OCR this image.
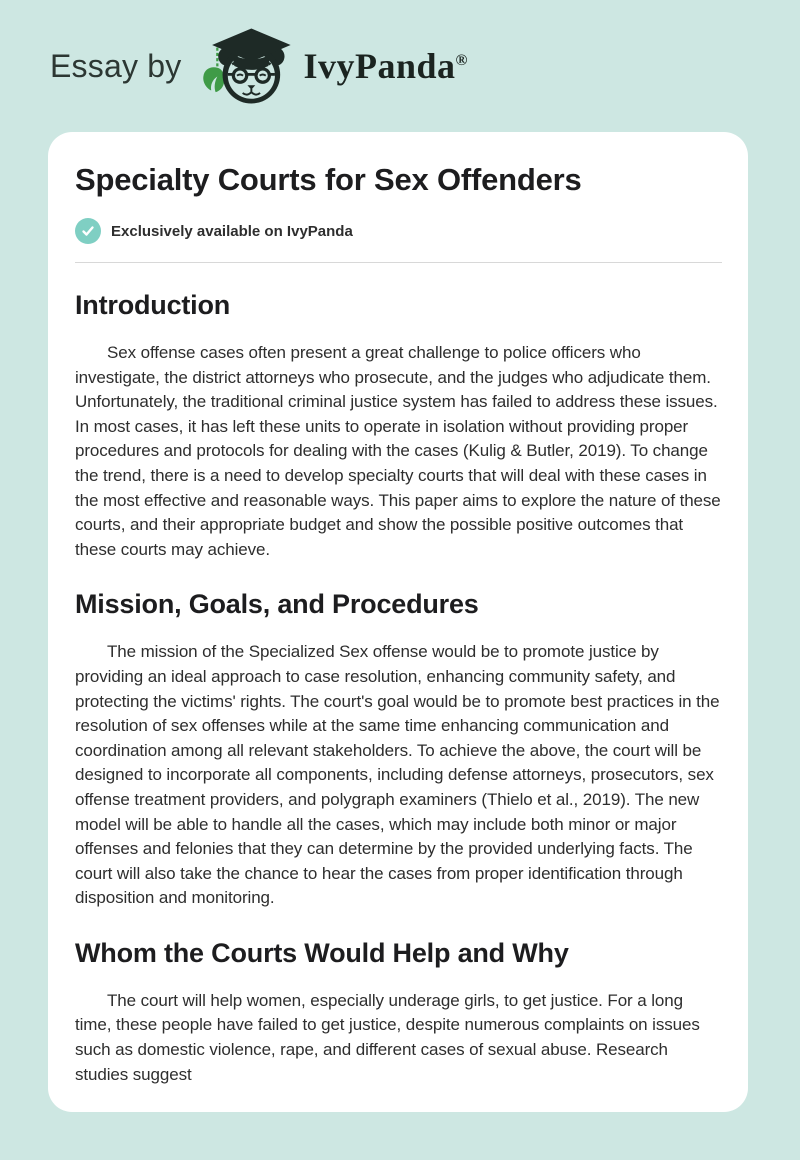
Essay by	IvyPanda®
Specialty Courts for Sex Offenders
Exclusively available on IvyPanda
Introduction

Sex offense cases often present a great challenge to police officers who investigate, the district attorneys who prosecute, and the judges who adjudicate them. Unfortunately, the traditional criminal justice system has failed to address these issues. In most cases, it has left these units to operate in isolation without providing proper procedures and protocols for dealing with the cases (Kulig & Butler, 2019). To change the trend, there is a need to develop specialty courts that will deal with these cases in the most effective and reasonable ways. This paper aims to explore the nature of these courts, and their appropriate budget and show the possible positive outcomes that these courts may achieve.

Mission, Goals, and Procedures

The mission of the Specialized Sex offense would be to promote justice by providing an ideal approach to case resolution, enhancing community safety, and protecting the victims' rights. The court's goal would be to promote best practices in the resolution of sex offenses while at the same time enhancing communication and coordination among all relevant stakeholders. To achieve the above, the court will be designed to incorporate all components, including defense attorneys, prosecutors, sex offense treatment providers, and polygraph examiners (Thielo et al., 2019). The new model will be able to handle all the cases, which may include both minor or major offenses and felonies that they can determine by the provided underlying facts. The court will also take the chance to hear the cases from proper identification through disposition and monitoring.

Whom the Courts Would Help and Why

The court will help women, especially underage girls, to get justice. For a long time, these people have failed to get justice, despite numerous complaints on issues such as domestic violence, rape, and different cases of sexual abuse. Research studies suggest
